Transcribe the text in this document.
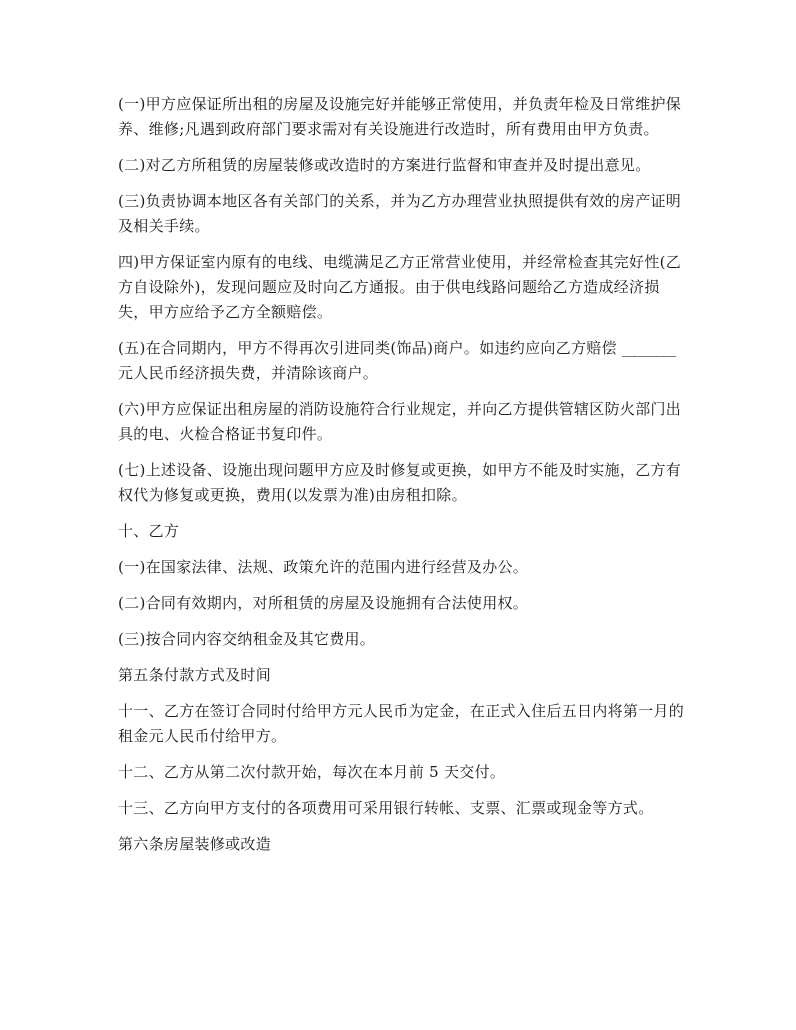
(一)甲方应保证所出租的房屋及设施完好并能够正常使用，并负责年检及日常维护保养、维修;凡遇到政府部门要求需对有关设施进行改造时，所有费用由甲方负责。

(二)对乙方所租赁的房屋装修或改造时的方案进行监督和审查并及时提出意见。

(三)负责协调本地区各有关部门的关系，并为乙方办理营业执照提供有效的房产证明及相关手续。

四)甲方保证室内原有的电线、电缆满足乙方正常营业使用，并经常检查其完好性(乙方自设除外)，发现问题应及时向乙方通报。由于供电线路问题给乙方造成经济损失，甲方应给予乙方全额赔偿。

(五)在合同期内，甲方不得再次引进同类(饰品)商户。如违约应向乙方赔偿 _______元人民币经济损失费，并清除该商户。

(六)甲方应保证出租房屋的消防设施符合行业规定，并向乙方提供管辖区防火部门出具的电、火检合格证书复印件。

(七)上述设备、设施出现问题甲方应及时修复或更换，如甲方不能及时实施，乙方有权代为修复或更换，费用(以发票为准)由房租扣除。

十、乙方

(一)在国家法律、法规、政策允许的范围内进行经营及办公。

(二)合同有效期内，对所租赁的房屋及设施拥有合法使用权。

(三)按合同内容交纳租金及其它费用。

第五条付款方式及时间

十一、乙方在签订合同时付给甲方元人民币为定金，在正式入住后五日内将第一月的租金元人民币付给甲方。

十二、乙方从第二次付款开始，每次在本月前 5 天交付。

十三、乙方向甲方支付的各项费用可采用银行转帐、支票、汇票或现金等方式。

第六条房屋装修或改造
